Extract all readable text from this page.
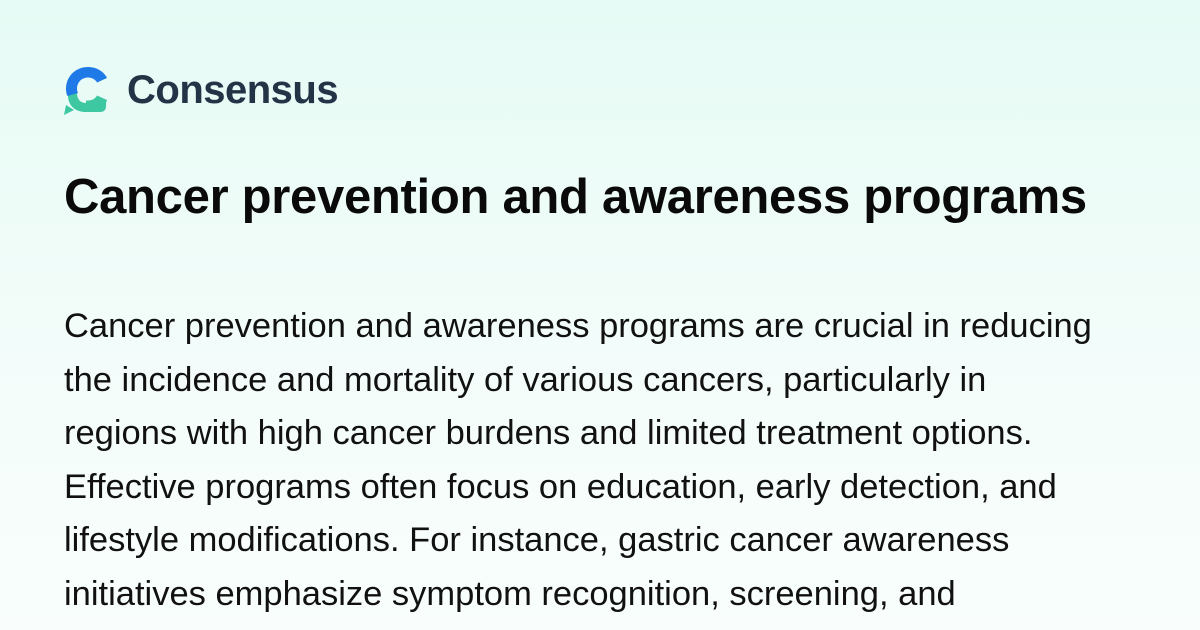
Consensus
Cancer prevention and awareness programs

Cancer prevention and awareness programs are crucial in reducing
the incidence and mortality of various cancers, particularly in
regions with high cancer burdens and limited treatment options.
Effective programs often focus on education, early detection, and
lifestyle modifications. For instance, gastric cancer awareness
initiatives emphasize symptom recognition, screening, and
